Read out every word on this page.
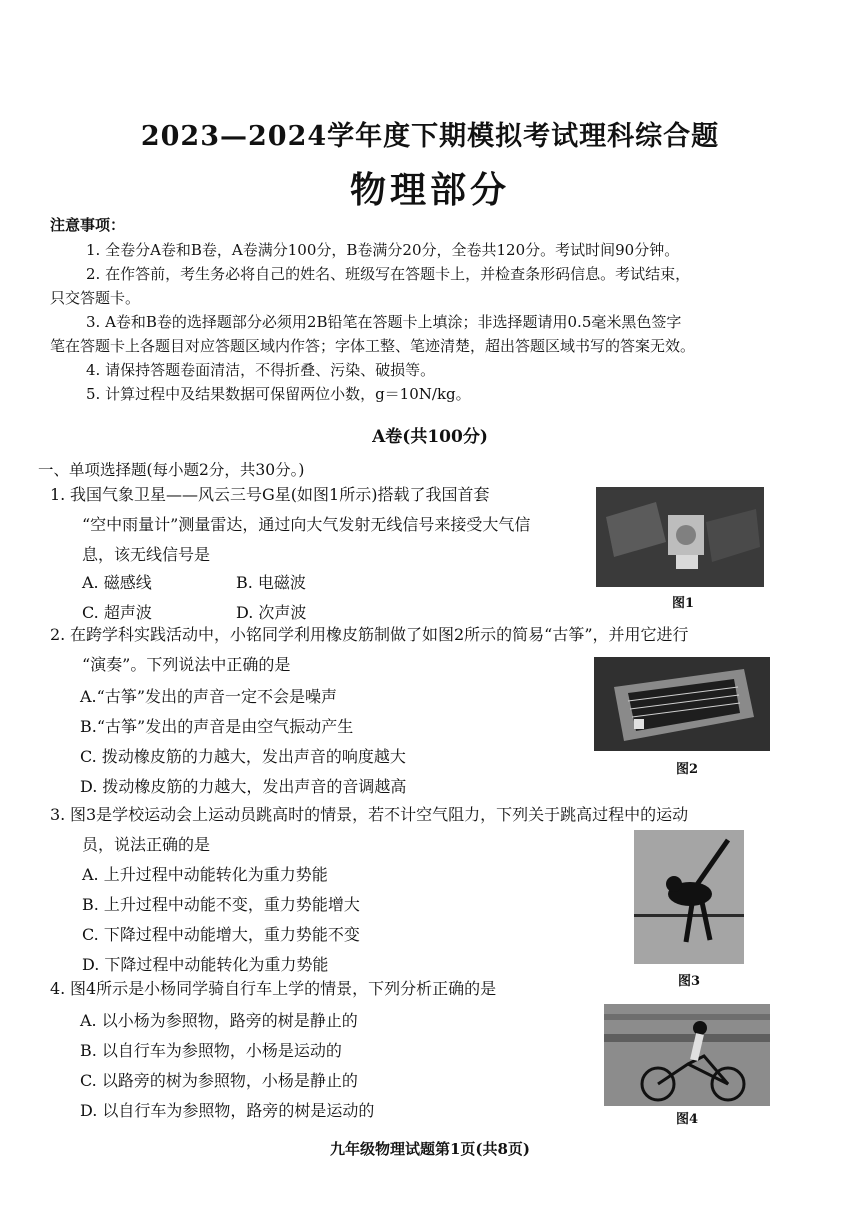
2023—2024学年度下期模拟考试理科综合题
物理部分
注意事项：

1. 全卷分A卷和B卷，A卷满分100分，B卷满分20分，全卷共120分。考试时间90分钟。

2. 在作答前，考生务必将自己的姓名、班级写在答题卡上，并检查条形码信息。考试结束，

只交答题卡。

3. A卷和B卷的选择题部分必须用2B铅笔在答题卡上填涂；非选择题请用0.5毫米黑色签字

笔在答题卡上各题目对应答题区域内作答；字体工整、笔迹清楚，超出答题区域书写的答案无效。

4. 请保持答题卷面清洁，不得折叠、污染、破损等。

5. 计算过程中及结果数据可保留两位小数，g＝10N/kg。

A卷(共100分)
一、单项选择题(每小题2分，共30分。)
1. 我国气象卫星——风云三号G星(如图1所示)搭载了我国首套
“空中雨量计”测量雷达，通过向大气发射无线信号来接受大气信
息，该无线信号是
A. 磁感线	B. 电磁波
C. 超声波	D. 次声波	图1
2. 在跨学科实践活动中，小铭同学利用橡皮筋制做了如图2所示的简易“古筝”，并用它进行
“演奏”。下列说法中正确的是
A.“古筝”发出的声音一定不会是噪声
B.“古筝”发出的声音是由空气振动产生
C. 拨动橡皮筋的力越大，发出声音的响度越大
D. 拨动橡皮筋的力越大，发出声音的音调越高
图2
3. 图3是学校运动会上运动员跳高时的情景，若不计空气阻力，下列关于跳高过程中的运动
员，说法正确的是
A. 上升过程中动能转化为重力势能
B. 上升过程中动能不变，重力势能增大
C. 下降过程中动能增大，重力势能不变
D. 下降过程中动能转化为重力势能
图3
4. 图4所示是小杨同学骑自行车上学的情景，下列分析正确的是
A. 以小杨为参照物，路旁的树是静止的
B. 以自行车为参照物，小杨是运动的
C. 以路旁的树为参照物，小杨是静止的
D. 以自行车为参照物，路旁的树是运动的	图4
九年级物理试题第1页(共8页)
